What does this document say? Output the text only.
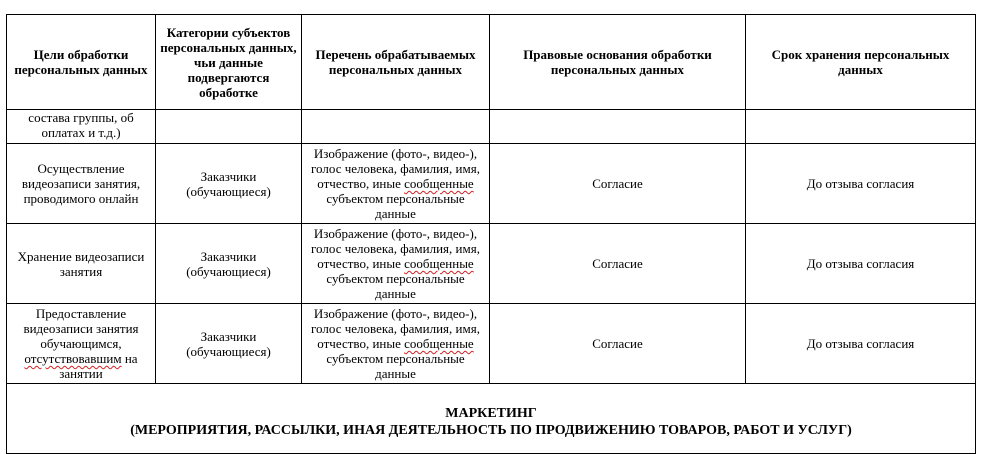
Цели обработки персональных данных	Категории субъектов персональных данных, чьи данные подвергаются обработке	Перечень обрабатываемых персональных данных	Правовые основания обработки персональных данных	Срок хранения персональных данных
состава группы, об оплатах и т.д.)				
Осуществление видеозаписи занятия, проводимого онлайн	Заказчики (обучающиеся)	Изображение (фото-, видео-), голос человека, фамилия, имя, отчество, иные сообщенные субъектом персональные данные	Согласие	До отзыва согласия
Хранение видеозаписи занятия	Заказчики (обучающиеся)	Изображение (фото-, видео-), голос человека, фамилия, имя, отчество, иные сообщенные субъектом персональные данные	Согласие	До отзыва согласия
Предоставление видеозаписи занятия обучающимся, отсутствовавшим на занятии	Заказчики (обучающиеся)	Изображение (фото-, видео-), голос человека, фамилия, имя, отчество, иные сообщенные субъектом персональные данные	Согласие	До отзыва согласия

МАРКЕТИНГ
(МЕРОПРИЯТИЯ, РАССЫЛКИ, ИНАЯ ДЕЯТЕЛЬНОСТЬ ПО ПРОДВИЖЕНИЮ ТОВАРОВ, РАБОТ И УСЛУГ)				
